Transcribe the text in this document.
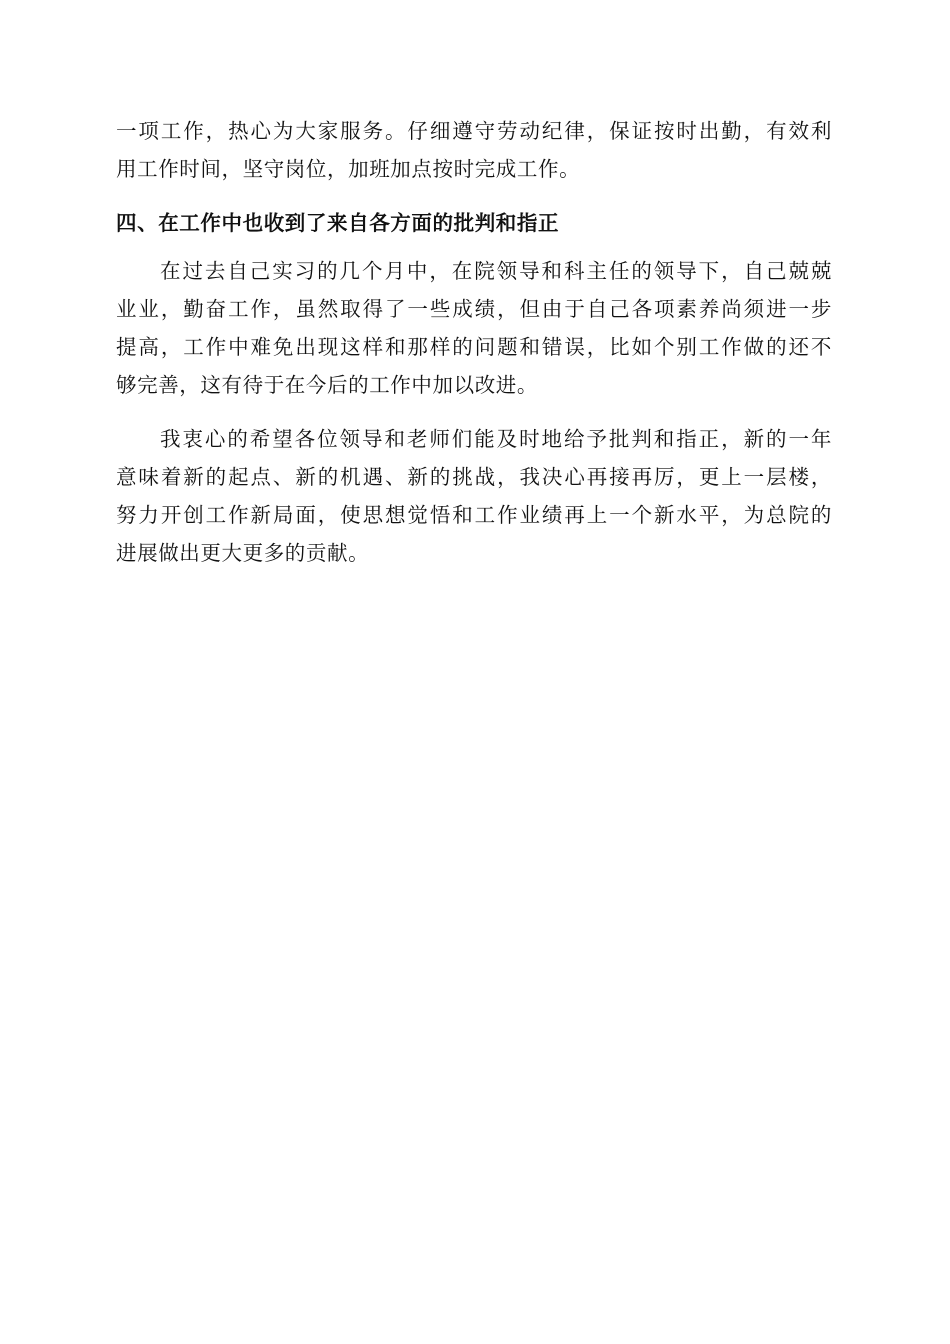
一项工作，热心为大家服务。仔细遵守劳动纪律，保证按时出勤，有效利
用工作时间，坚守岗位，加班加点按时完成工作。
四、在工作中也收到了来自各方面的批判和指正
在过去自己实习的几个月中，在院领导和科主任的领导下，自己兢兢
业业，勤奋工作，虽然取得了一些成绩，但由于自己各项素养尚须进一步
提高，工作中难免出现这样和那样的问题和错误，比如个别工作做的还不
够完善，这有待于在今后的工作中加以改进。
我衷心的希望各位领导和老师们能及时地给予批判和指正，新的一年
意味着新的起点、新的机遇、新的挑战，我决心再接再厉，更上一层楼，
努力开创工作新局面，使思想觉悟和工作业绩再上一个新水平，为总院的
进展做出更大更多的贡献。
